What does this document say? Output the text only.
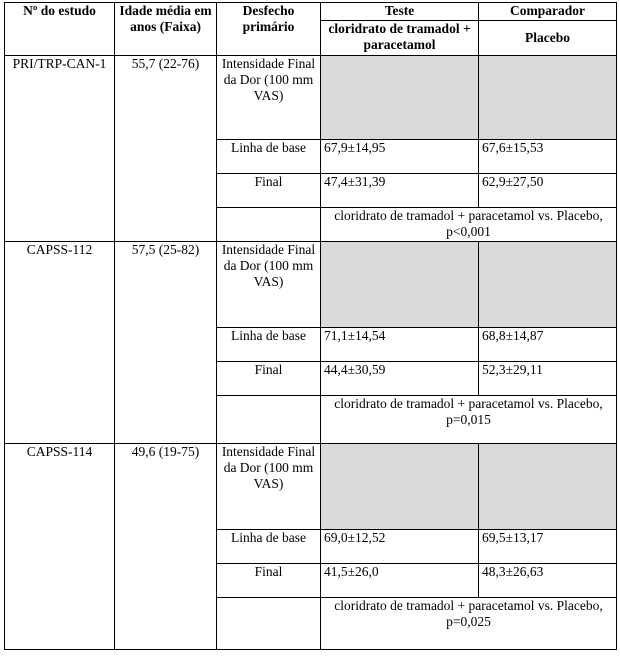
Nº do estudo	Idade média em anos (Faixa)	Desfecho primário	Teste	Comparador
			cloridrato de tramadol + paracetamol	Placebo
PRI/TRP-CAN-1	55,7 (22-76)	Intensidade Final da Dor (100 mm VAS)		
		Linha de base	67,9±14,95	67,6±15,53
		Final	47,4±31,39	62,9±27,50
			cloridrato de tramadol + paracetamol vs. Placebo, p<0,001	
CAPSS-112	57,5 (25-82)	Intensidade Final da Dor (100 mm VAS)		
		Linha de base	71,1±14,54	68,8±14,87
		Final	44,4±30,59	52,3±29,11
			cloridrato de tramadol + paracetamol vs. Placebo, p=0,015	
CAPSS-114	49,6 (19-75)	Intensidade Final da Dor (100 mm VAS)		
		Linha de base	69,0±12,52	69,5±13,17
		Final	41,5±26,0	48,3±26,63
			cloridrato de tramadol + paracetamol vs. Placebo, p=0,025	
